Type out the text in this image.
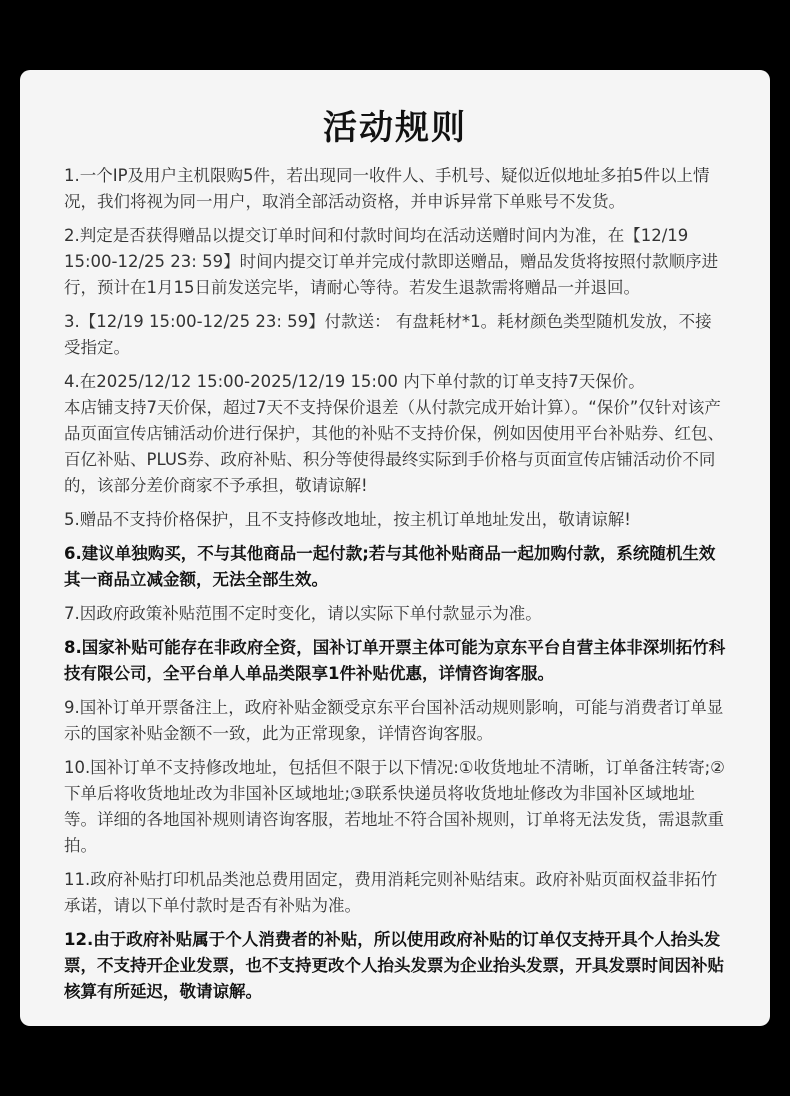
活动规则

1.一个IP及用户主机限购5件，若出现同一收件人、手机号、疑似近似地址多拍5件以上情况，我们将视为同一用户，取消全部活动资格，并申诉异常下单账号不发货。

2.判定是否获得赠品以提交订单时间和付款时间均在活动送赠时间内为准，在【12/19 15:00-12/25 23: 59】时间内提交订单并完成付款即送赠品，赠品发货将按照付款顺序进行，预计在1月15日前发送完毕，请耐心等待。若发生退款需将赠品一并退回。

3.【12/19 15:00-12/25 23: 59】付款送： 有盘耗材*1。耗材颜色类型随机发放，不接受指定。

4.在2025/12/12 15:00-2025/12/19 15:00 内下单付款的订单支持7天保价。
本店铺支持7天价保，超过7天不支持保价退差（从付款完成开始计算）。“保价”仅针对该产品页面宣传店铺活动价进行保护，其他的补贴不支持价保，例如因使用平台补贴券、红包、百亿补贴、PLUS券、政府补贴、积分等使得最终实际到手价格与页面宣传店铺活动价不同的，该部分差价商家不予承担，敬请谅解!

5.赠品不支持价格保护，且不支持修改地址，按主机订单地址发出，敬请谅解!

6.建议单独购买，不与其他商品一起付款;若与其他补贴商品一起加购付款，系统随机生效其一商品立减金额，无法全部生效。

7.因政府政策补贴范围不定时变化，请以实际下单付款显示为准。

8.国家补贴可能存在非政府全资，国补订单开票主体可能为京东平台自营主体非深圳拓竹科技有限公司，全平台单人单品类限享1件补贴优惠，详情咨询客服。

9.国补订单开票备注上，政府补贴金额受京东平台国补活动规则影响，可能与消费者订单显示的国家补贴金额不一致，此为正常现象，详情咨询客服。

10.国补订单不支持修改地址，包括但不限于以下情况:①收货地址不清晰，订单备注转寄;②下单后将收货地址改为非国补区域地址;③联系快递员将收货地址修改为非国补区域地址等。详细的各地国补规则请咨询客服，若地址不符合国补规则，订单将无法发货，需退款重拍。

11.政府补贴打印机品类池总费用固定，费用消耗完则补贴结束。政府补贴页面权益非拓竹承诺，请以下单付款时是否有补贴为准。

12.由于政府补贴属于个人消费者的补贴，所以使用政府补贴的订单仅支持开具个人抬头发票，不支持开企业发票，也不支持更改个人抬头发票为企业抬头发票，开具发票时间因补贴核算有所延迟，敬请谅解。
